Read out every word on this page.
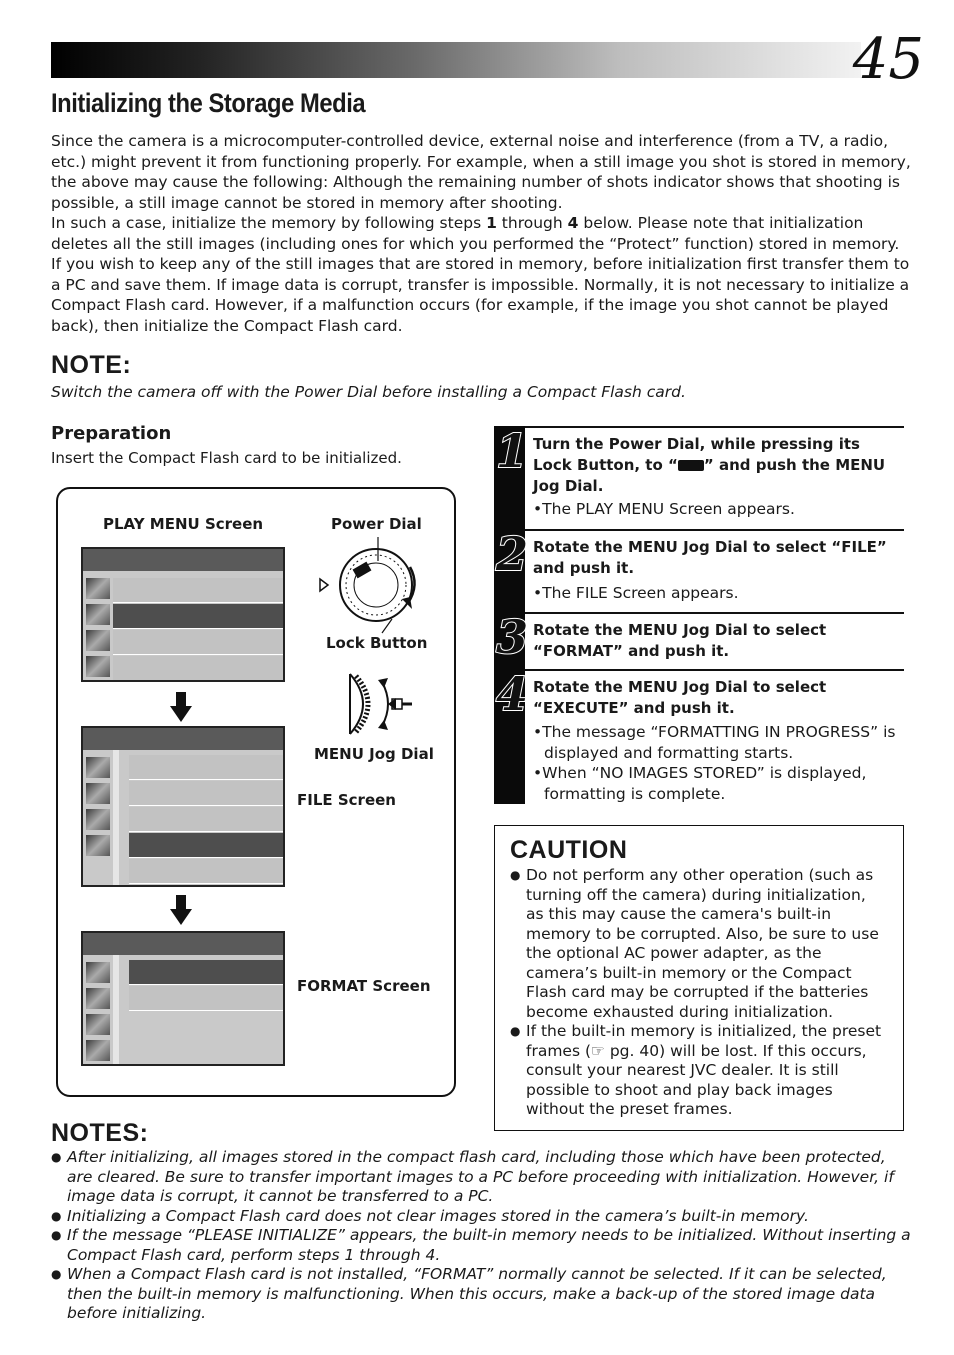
45
Initializing the Storage Media

Since the camera is a microcomputer-controlled device, external noise and interference (from a TV, a radio, etc.) might prevent it from functioning properly. For example, when a still image you shot is stored in memory, the above may cause the following: Although the remaining number of shots indicator shows that shooting is possible, a still image cannot be stored in memory after shooting.

In such a case, initialize the memory by following steps 1 through 4 below. Please note that initialization deletes all the still images (including ones for which you performed the “Protect” function) stored in memory. If you wish to keep any of the still images that are stored in memory, before initialization first transfer them to a PC and save them. If image data is corrupt, transfer is impossible. Normally, it is not necessary to initialize a Compact Flash card. However, if a malfunction occurs (for example, if the image you shot cannot be played back), then initialize the Compact Flash card.

NOTE:
Switch the camera off with the Power Dial before installing a Compact Flash card.
Preparation
Insert the Compact Flash card to be initialized.
PLAY MENU Screen	Power Dial
Lock Button
MENU Jog Dial
FILE Screen
FORMAT Screen
1 Turn the Power Dial, while pressing its Lock Button, to “ ” and push the MENU Jog Dial.
•The PLAY MENU Screen appears.
2 Rotate the MENU Jog Dial to select “FILE” and push it.
•The FILE Screen appears.
3 Rotate the MENU Jog Dial to select “FORMAT” and push it.
4 Rotate the MENU Jog Dial to select “EXECUTE” and push it.
•The message “FORMATTING IN PROGRESS” is displayed and formatting starts.
•When “NO IMAGES STORED” is displayed, formatting is complete.
CAUTION
● Do not perform any other operation (such as turning off the camera) during initialization, as this may cause the camera's built-in memory to be corrupted. Also, be sure to use the optional AC power adapter, as the camera’s built-in memory or the Compact Flash card may be corrupted if the batteries become exhausted during initialization.
● If the built-in memory is initialized, the preset frames (☞ pg. 40) will be lost. If this occurs, consult your nearest JVC dealer. It is still possible to shoot and play back images without the preset frames.
NOTES:
● After initializing, all images stored in the compact flash card, including those which have been protected, are cleared. Be sure to transfer important images to a PC before proceeding with initialization. However, if image data is corrupt, it cannot be transferred to a PC.
● Initializing a Compact Flash card does not clear images stored in the camera’s built-in memory.
● If the message “PLEASE INITIALIZE” appears, the built-in memory needs to be initialized. Without inserting a Compact Flash card, perform steps 1 through 4.
● When a Compact Flash card is not installed, “FORMAT” normally cannot be selected. If it can be selected, then the built-in memory is malfunctioning. When this occurs, make a back-up of the stored image data before initializing.
